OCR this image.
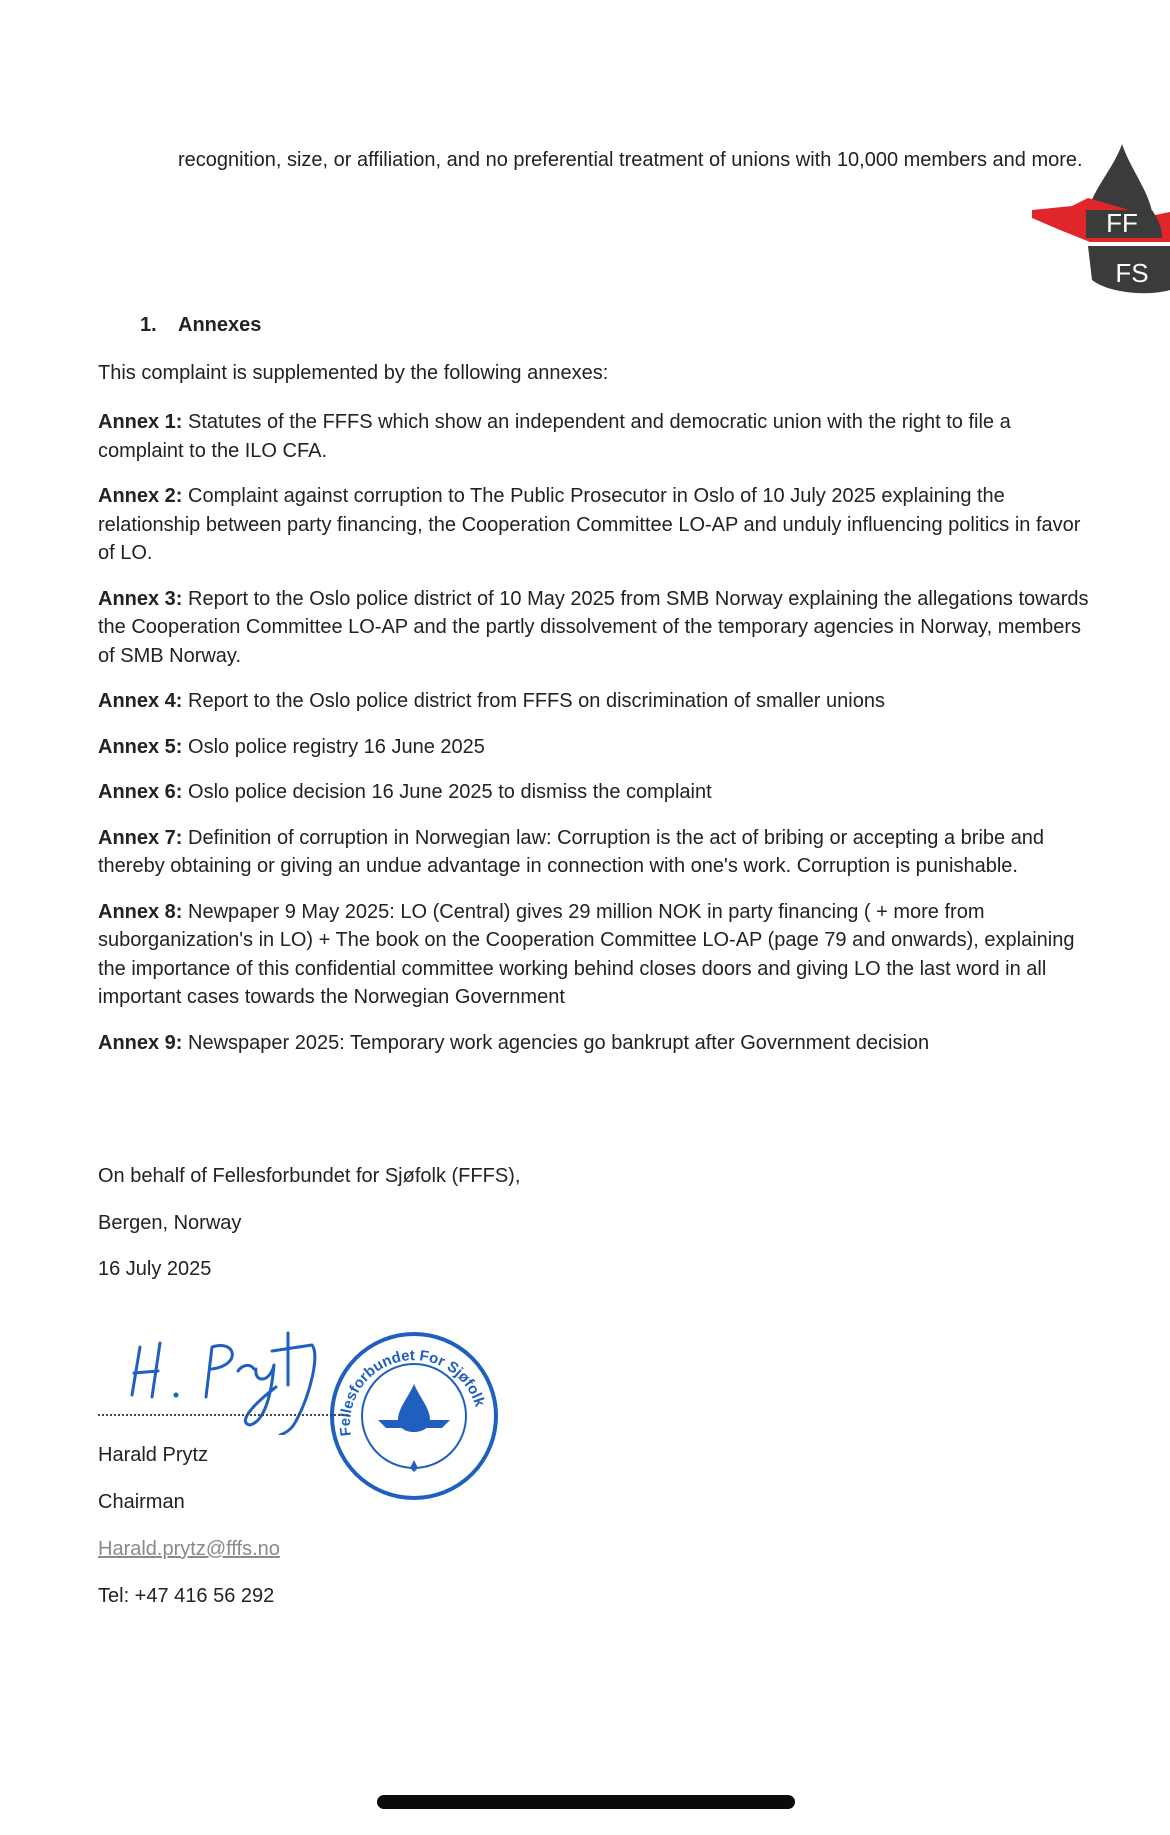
recognition, size, or affiliation, and no preferential treatment of unions with 10,000 members and more.
FF
FS
1. Annexes
This complaint is supplemented by the following annexes:

Annex 1: Statutes of the FFFS which show an independent and democratic union with the right to file a complaint to the ILO CFA.

Annex 2: Complaint against corruption to The Public Prosecutor in Oslo of 10 July 2025 explaining the relationship between party financing, the Cooperation Committee LO-AP and unduly influencing politics in favor of LO.

Annex 3: Report to the Oslo police district of 10 May 2025 from SMB Norway explaining the allegations towards the Cooperation Committee LO-AP and the partly dissolvement of the temporary agencies in Norway, members of SMB Norway.

Annex 4: Report to the Oslo police district from FFFS on discrimination of smaller unions

Annex 5: Oslo police registry 16 June 2025

Annex 6: Oslo police decision 16 June 2025 to dismiss the complaint

Annex 7: Definition of corruption in Norwegian law: Corruption is the act of bribing or accepting a bribe and thereby obtaining or giving an undue advantage in connection with one's work. Corruption is punishable.

Annex 8: Newpaper 9 May 2025: LO (Central) gives 29 million NOK in party financing ( + more from suborganization's in LO) + The book on the Cooperation Committee LO-AP (page 79 and onwards), explaining the importance of this confidential committee working behind closes doors and giving LO the last word in all important cases towards the Norwegian Government

Annex 9: Newspaper 2025: Temporary work agencies go bankrupt after Government decision

On behalf of Fellesforbundet for Sjøfolk (FFFS),
Bergen, Norway
16 July 2025
Fellesforbundet For Sjøfolk
Harald Prytz
Chairman
Harald.prytz@fffs.no
Tel: +47 416 56 292
